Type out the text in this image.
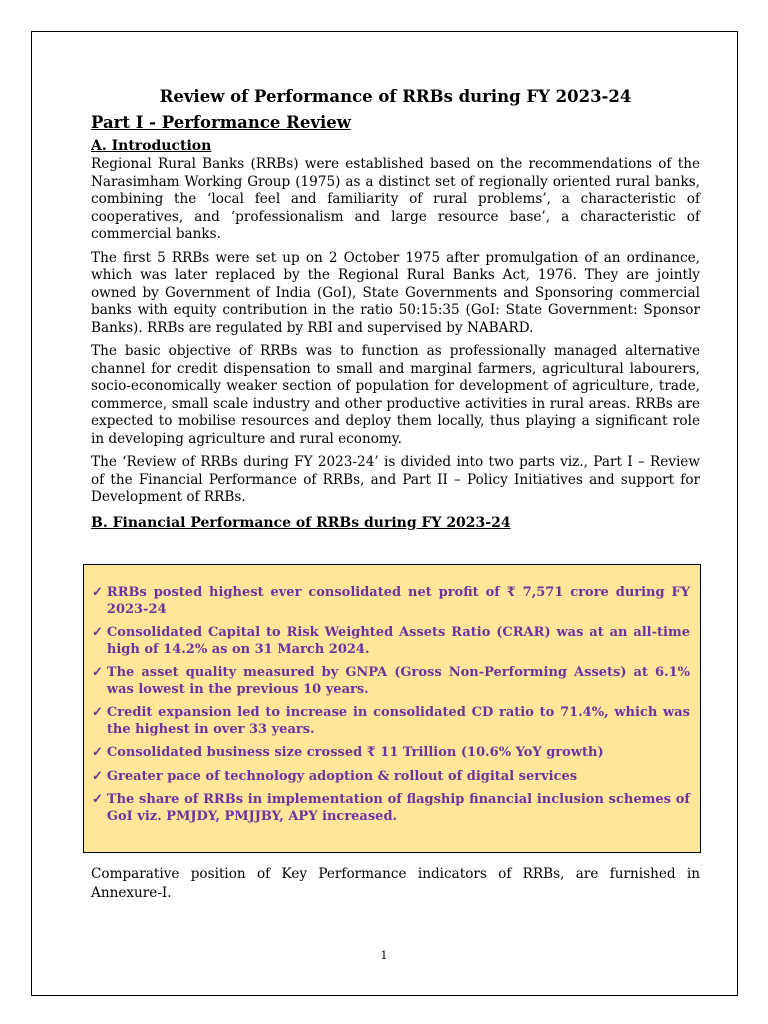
Review of Performance of RRBs during FY 2023-24
Part I - Performance Review
A. Introduction

Regional Rural Banks (RRBs) were established based on the recommendations of the Narasimham Working Group (1975) as a distinct set of regionally oriented rural banks, combining the ‘local feel and familiarity of rural problems’, a characteristic of cooperatives, and ‘professionalism and large resource base’, a characteristic of commercial banks.

The first 5 RRBs were set up on 2 October 1975 after promulgation of an ordinance, which was later replaced by the Regional Rural Banks Act, 1976. They are jointly owned by Government of India (GoI), State Governments and Sponsoring commercial banks with equity contribution in the ratio 50:15:35 (GoI: State Government: Sponsor Banks). RRBs are regulated by RBI and supervised by NABARD.

The basic objective of RRBs was to function as professionally managed alternative channel for credit dispensation to small and marginal farmers, agricultural labourers, socio-economically weaker section of population for development of agriculture, trade, commerce, small scale industry and other productive activities in rural areas. RRBs are expected to mobilise resources and deploy them locally, thus playing a significant role in developing agriculture and rural economy.

The ‘Review of RRBs during FY 2023-24’ is divided into two parts viz., Part I – Review of the Financial Performance of RRBs, and Part II – Policy Initiatives and support for Development of RRBs.

B. Financial Performance of RRBs during FY 2023-24
✓ RRBs posted highest ever consolidated net profit of ₹ 7,571 crore during FY 2023-24
✓ Consolidated Capital to Risk Weighted Assets Ratio (CRAR) was at an all-time high of 14.2% as on 31 March 2024.
✓ The asset quality measured by GNPA (Gross Non-Performing Assets) at 6.1% was lowest in the previous 10 years.
✓ Credit expansion led to increase in consolidated CD ratio to 71.4%, which was the highest in over 33 years.
✓ Consolidated business size crossed ₹ 11 Trillion (10.6% YoY growth)
✓ Greater pace of technology adoption & rollout of digital services
✓ The share of RRBs in implementation of flagship financial inclusion schemes of GoI viz. PMJDY, PMJJBY, APY increased.

Comparative position of Key Performance indicators of RRBs, are furnished in Annexure-I.

1
